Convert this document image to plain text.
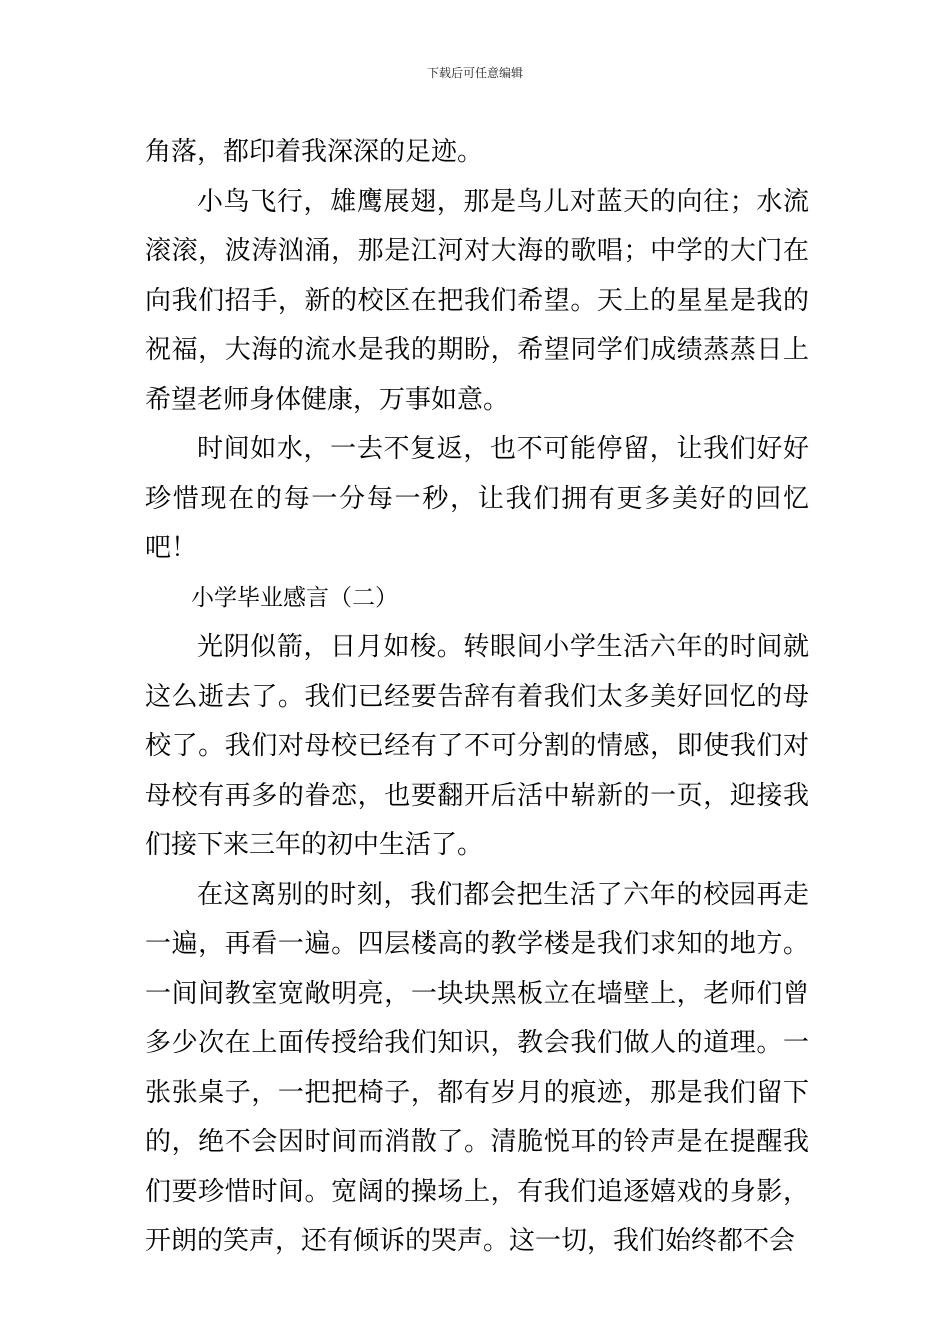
下载后可任意编辑

角落，都印着我深深的足迹。

小鸟飞行，雄鹰展翅，那是鸟儿对蓝天的向往；水流滚滚，波涛汹涌，那是江河对大海的歌唱；中学的大门在向我们招手，新的校区在把我们希望。天上的星星是我的祝福，大海的流水是我的期盼，希望同学们成绩蒸蒸日上希望老师身体健康，万事如意。

时间如水，一去不复返，也不可能停留，让我们好好珍惜现在的每一分每一秒，让我们拥有更多美好的回忆吧！

小学毕业感言（二）

光阴似箭，日月如梭。转眼间小学生活六年的时间就这么逝去了。我们已经要告辞有着我们太多美好回忆的母校了。我们对母校已经有了不可分割的情感，即使我们对母校有再多的眷恋，也要翻开后活中崭新的一页，迎接我们接下来三年的初中生活了。

在这离别的时刻，我们都会把生活了六年的校园再走一遍，再看一遍。四层楼高的教学楼是我们求知的地方。一间间教室宽敞明亮，一块块黑板立在墙壁上，老师们曾多少次在上面传授给我们知识，教会我们做人的道理。一张张桌子，一把把椅子，都有岁月的痕迹，那是我们留下的，绝不会因时间而消散了。清脆悦耳的铃声是在提醒我们要珍惜时间。宽阔的操场上，有我们追逐嬉戏的身影，开朗的笑声，还有倾诉的哭声。这一切，我们始终都不会
